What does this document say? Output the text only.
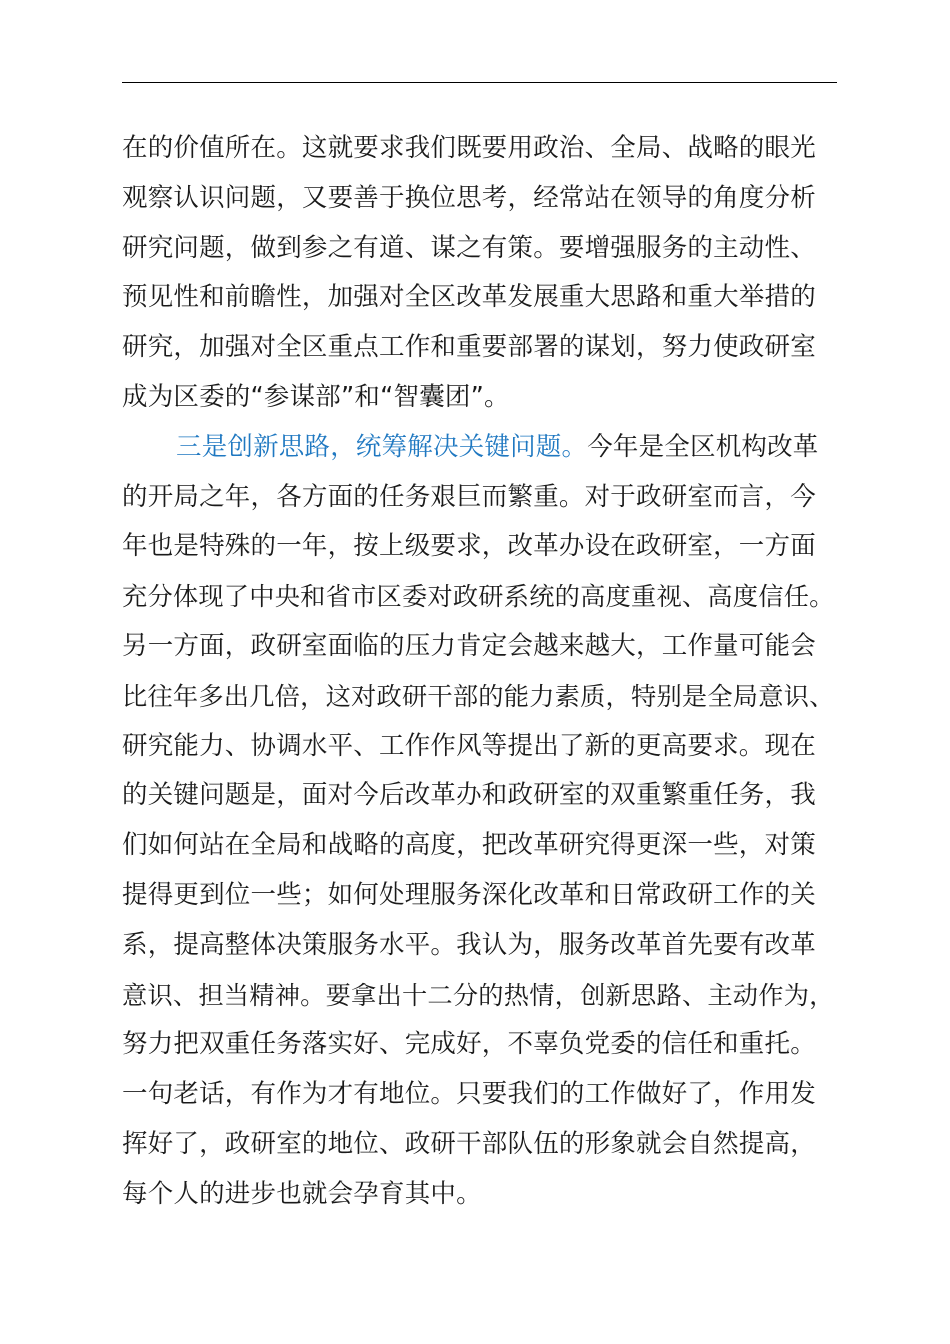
在的价值所在。这就要求我们既要用政治、全局、战略的眼光
观察认识问题，又要善于换位思考，经常站在领导的角度分析
研究问题，做到参之有道、谋之有策。要增强服务的主动性、
预见性和前瞻性，加强对全区改革发展重大思路和重大举措的
研究，加强对全区重点工作和重要部署的谋划，努力使政研室
成为区委的“参谋部”和“智囊团”。
三是创新思路，统筹解决关键问题。今年是全区机构改革
的开局之年，各方面的任务艰巨而繁重。对于政研室而言，今
年也是特殊的一年，按上级要求，改革办设在政研室，一方面
充分体现了中央和省市区委对政研系统的高度重视、高度信任。
另一方面，政研室面临的压力肯定会越来越大，工作量可能会
比往年多出几倍，这对政研干部的能力素质，特别是全局意识、
研究能力、协调水平、工作作风等提出了新的更高要求。现在
的关键问题是，面对今后改革办和政研室的双重繁重任务，我
们如何站在全局和战略的高度，把改革研究得更深一些，对策
提得更到位一些；如何处理服务深化改革和日常政研工作的关
系，提高整体决策服务水平。我认为，服务改革首先要有改革
意识、担当精神。要拿出十二分的热情，创新思路、主动作为，
努力把双重任务落实好、完成好，不辜负党委的信任和重托。
一句老话，有作为才有地位。只要我们的工作做好了，作用发
挥好了，政研室的地位、政研干部队伍的形象就会自然提高，
每个人的进步也就会孕育其中。
